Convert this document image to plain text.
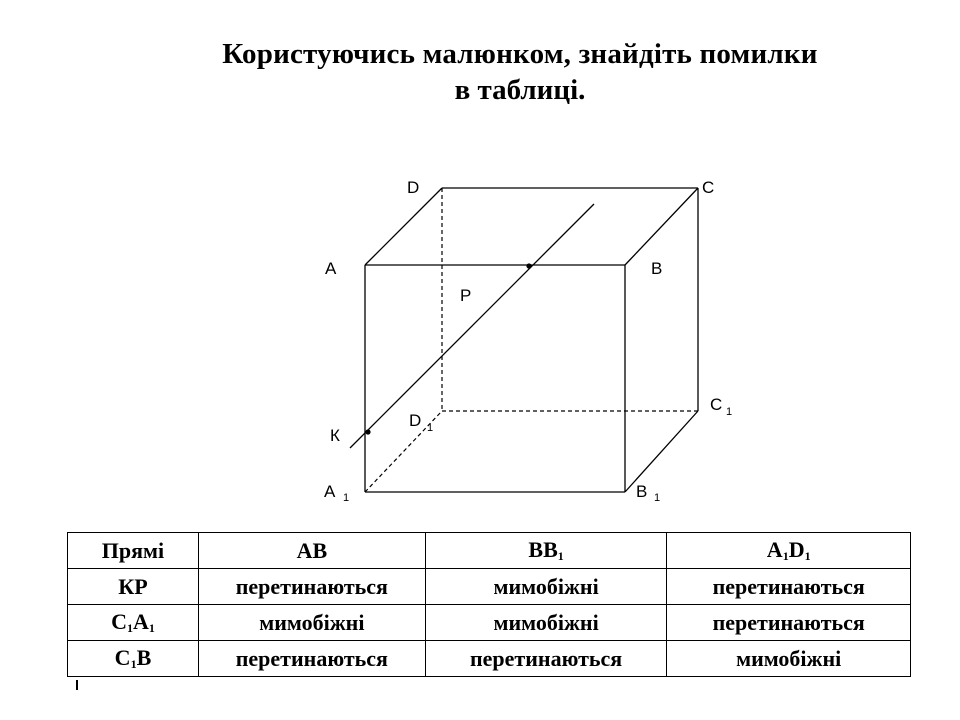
Користуючись малюнком, знайдіть помилки
в таблиці.
D	C
A	B
P
К
D 1
C 1
A 1	B 1
Прямі	AB	$BB_1$	$A_1D_1$
КР	перетинаються	мимобіжні	перетинаються
$C_1A_1$	мимобіжні	мимобіжні	перетинаються
$C_1B$	перетинаються	перетинаються	мимобіжні
